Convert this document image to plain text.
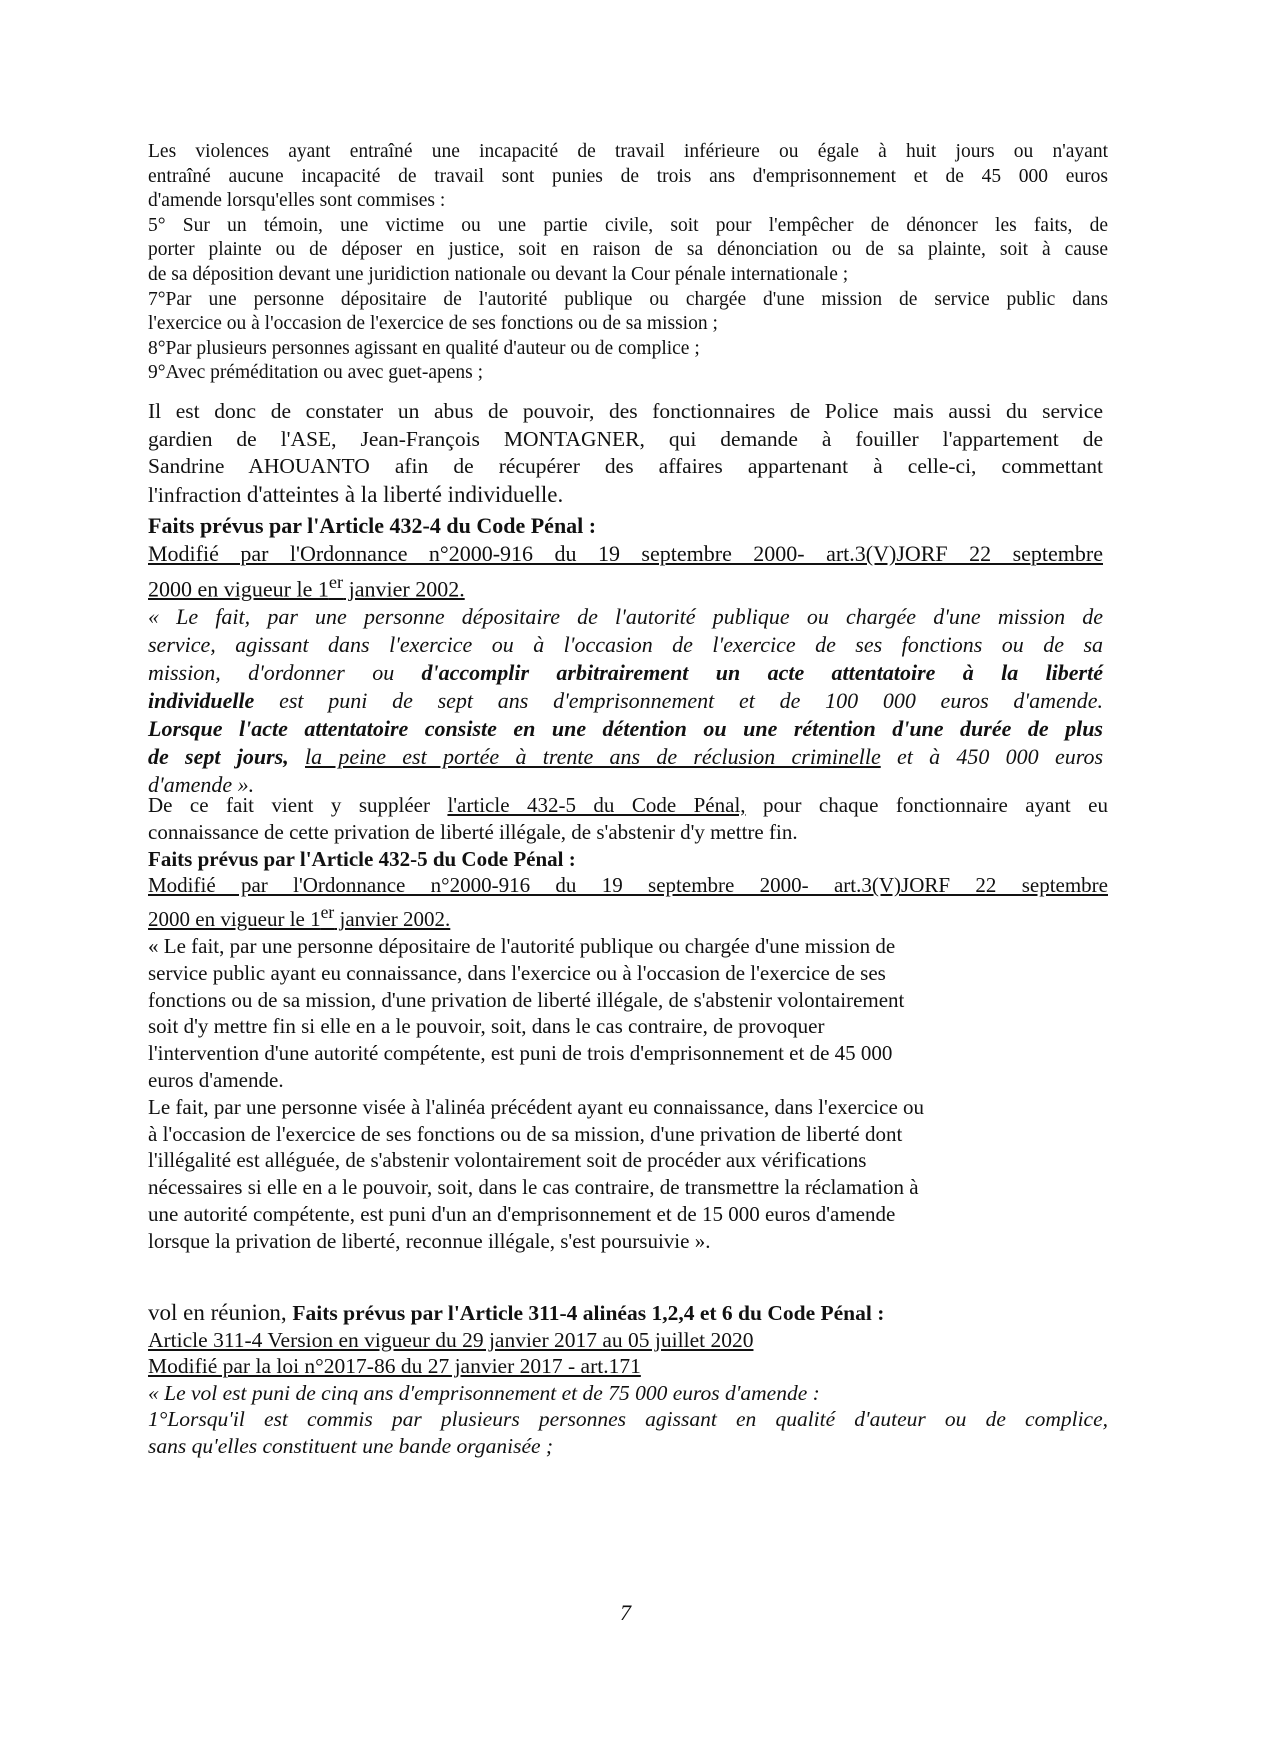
Les violences ayant entraîné une incapacité de travail inférieure ou égale à huit jours ou n'ayant

entraîné aucune incapacité de travail sont punies de trois ans d'emprisonnement et de 45 000 euros

d'amende lorsqu'elles sont commises :

5° Sur un témoin, une victime ou une partie civile, soit pour l'empêcher de dénoncer les faits, de

porter plainte ou de déposer en justice, soit en raison de sa dénonciation ou de sa plainte, soit à cause

de sa déposition devant une juridiction nationale ou devant la Cour pénale internationale ;

7°Par une personne dépositaire de l'autorité publique ou chargée d'une mission de service public dans

l'exercice ou à l'occasion de l'exercice de ses fonctions ou de sa mission ;

8°Par plusieurs personnes agissant en qualité d'auteur ou de complice ;

9°Avec préméditation ou avec guet-apens ;

Il est donc de constater un abus de pouvoir, des fonctionnaires de Police mais aussi du service

gardien de l'ASE, Jean-François MONTAGNER, qui demande à fouiller l'appartement de

Sandrine AHOUANTO afin de récupérer des affaires appartenant à celle-ci, commettant

l'infraction d'atteintes à la liberté individuelle.

Faits prévus par l'Article 432-4 du Code Pénal :

Modifié par l'Ordonnance n°2000-916 du 19 septembre 2000- art.3(V)JORF 22 septembre

2000 en vigueur le 1er janvier 2002.

« Le fait, par une personne dépositaire de l'autorité publique ou chargée d'une mission de

service, agissant dans l'exercice ou à l'occasion de l'exercice de ses fonctions ou de sa

mission, d'ordonner ou d'accomplir arbitrairement un acte attentatoire à la liberté

individuelle est puni de sept ans d'emprisonnement et de 100 000 euros d'amende.

Lorsque l'acte attentatoire consiste en une détention ou une rétention d'une durée de plus

de sept jours, la peine est portée à trente ans de réclusion criminelle et à 450 000 euros

d'amende ».

De ce fait vient y suppléer l'article 432-5 du Code Pénal, pour chaque fonctionnaire ayant eu

connaissance de cette privation de liberté illégale, de s'abstenir d'y mettre fin.

Faits prévus par l'Article 432-5 du Code Pénal :

Modifié par l'Ordonnance n°2000-916 du 19 septembre 2000- art.3(V)JORF 22 septembre

2000 en vigueur le 1er janvier 2002.

« Le fait, par une personne dépositaire de l'autorité publique ou chargée d'une mission de

service public ayant eu connaissance, dans l'exercice ou à l'occasion de l'exercice de ses

fonctions ou de sa mission, d'une privation de liberté illégale, de s'abstenir volontairement

soit d'y mettre fin si elle en a le pouvoir, soit, dans le cas contraire, de provoquer

l'intervention d'une autorité compétente, est puni de trois d'emprisonnement et de 45 000

euros d'amende.

Le fait, par une personne visée à l'alinéa précédent ayant eu connaissance, dans l'exercice ou

à l'occasion de l'exercice de ses fonctions ou de sa mission, d'une privation de liberté dont

l'illégalité est alléguée, de s'abstenir volontairement soit de procéder aux vérifications

nécessaires si elle en a le pouvoir, soit, dans le cas contraire, de transmettre la réclamation à

une autorité compétente, est puni d'un an d'emprisonnement et de 15 000 euros d'amende

lorsque la privation de liberté, reconnue illégale, s'est poursuivie ».

vol en réunion, Faits prévus par l'Article 311-4 alinéas 1,2,4 et 6 du Code Pénal :

Article 311-4 Version en vigueur du 29 janvier 2017 au 05 juillet 2020

Modifié par la loi n°2017-86 du 27 janvier 2017 - art.171

« Le vol est puni de cinq ans d'emprisonnement et de 75 000 euros d'amende :

1°Lorsqu'il est commis par plusieurs personnes agissant en qualité d'auteur ou de complice,

sans qu'elles constituent une bande organisée ;

7
